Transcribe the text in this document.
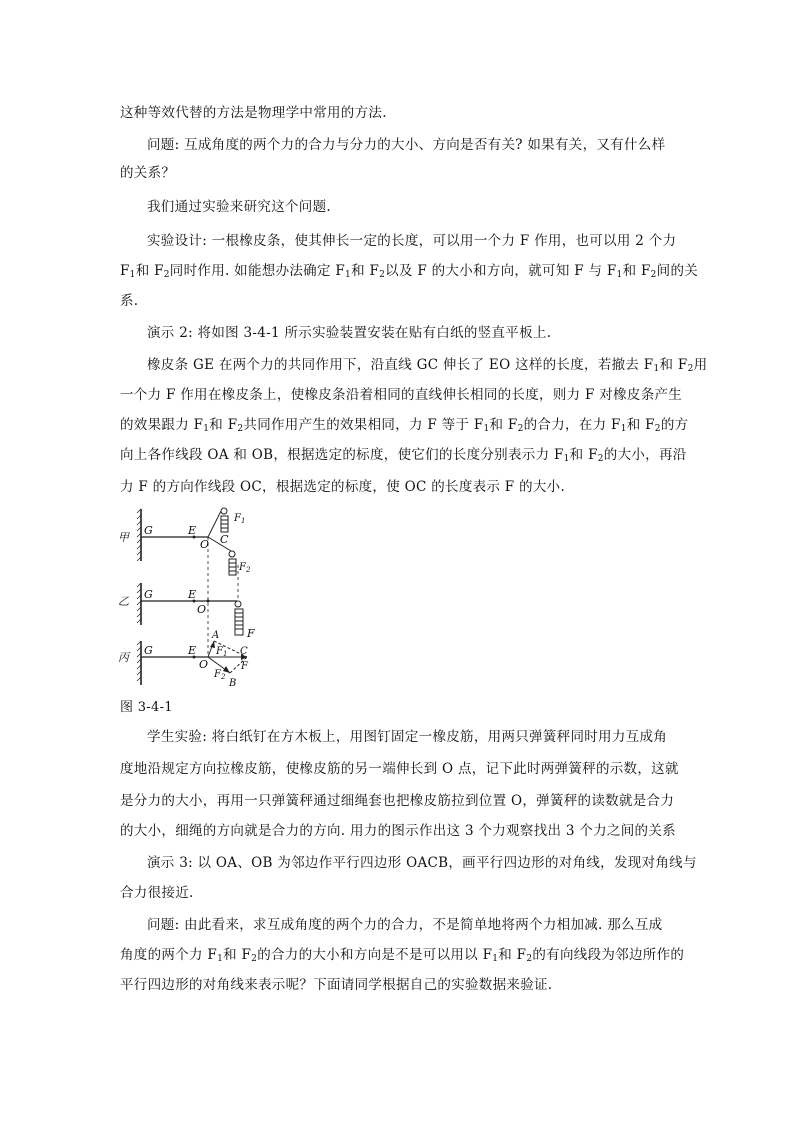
这种等效代替的方法是物理学中常用的方法.
问题: 互成角度的两个力的合力与分力的大小、方向是否有关? 如果有关，又有什么样
的关系？
我们通过实验来研究这个问题.
实验设计: 一根橡皮条，使其伸长一定的长度，可以用一个力 F 作用，也可以用 2 个力
$F_1$和 $F_2$同时作用. 如能想办法确定 $F_1$和 $F_2$以及 F 的大小和方向，就可知 F 与 $F_1$和 $F_2$间的关
系.
演示 2: 将如图 3-4-1 所示实验装置安装在贴有白纸的竖直平板上.
橡皮条 GE 在两个力的共同作用下，沿直线 GC 伸长了 EO 这样的长度，若撤去 $F_1$和 $F_2$用
一个力 F 作用在橡皮条上，使橡皮条沿着相同的直线伸长相同的长度，则力 F 对橡皮条产生
的效果跟力 $F_1$和 $F_2$共同作用产生的效果相同，力 F 等于 $F_1$和 $F_2$的合力，在力 $F_1$和 $F_2$的方
向上各作线段 OA 和 OB，根据选定的标度，使它们的长度分别表示力 $F_1$和 $F_2$的大小，再沿
力 F 的方向作线段 OC，根据选定的标度，使 OC 的长度表示 F 的大小.
甲
乙
丙
G	E
O
$F_1$
C
$F_2$
G	E
O
F
G	E
O
A
$F_1$ C
F
$F_2$
B
图 3-4-1
学生实验: 将白纸钉在方木板上，用图钉固定一橡皮筋，用两只弹簧秤同时用力互成角
度地沿规定方向拉橡皮筋，使橡皮筋的另一端伸长到 O 点，记下此时两弹簧秤的示数，这就
是分力的大小，再用一只弹簧秤通过细绳套也把橡皮筋拉到位置 O，弹簧秤的读数就是合力
的大小，细绳的方向就是合力的方向. 用力的图示作出这 3 个力观察找出 3 个力之间的关系
演示 3: 以 OA、OB 为邻边作平行四边形 OACB，画平行四边形的对角线，发现对角线与
合力很接近.
问题: 由此看来，求互成角度的两个力的合力，不是简单地将两个力相加减. 那么互成
角度的两个力 $F_1$和 $F_2$的合力的大小和方向是不是可以用以 $F_1$和 $F_2$的有向线段为邻边所作的
平行四边形的对角线来表示呢？下面请同学根据自己的实验数据来验证.
